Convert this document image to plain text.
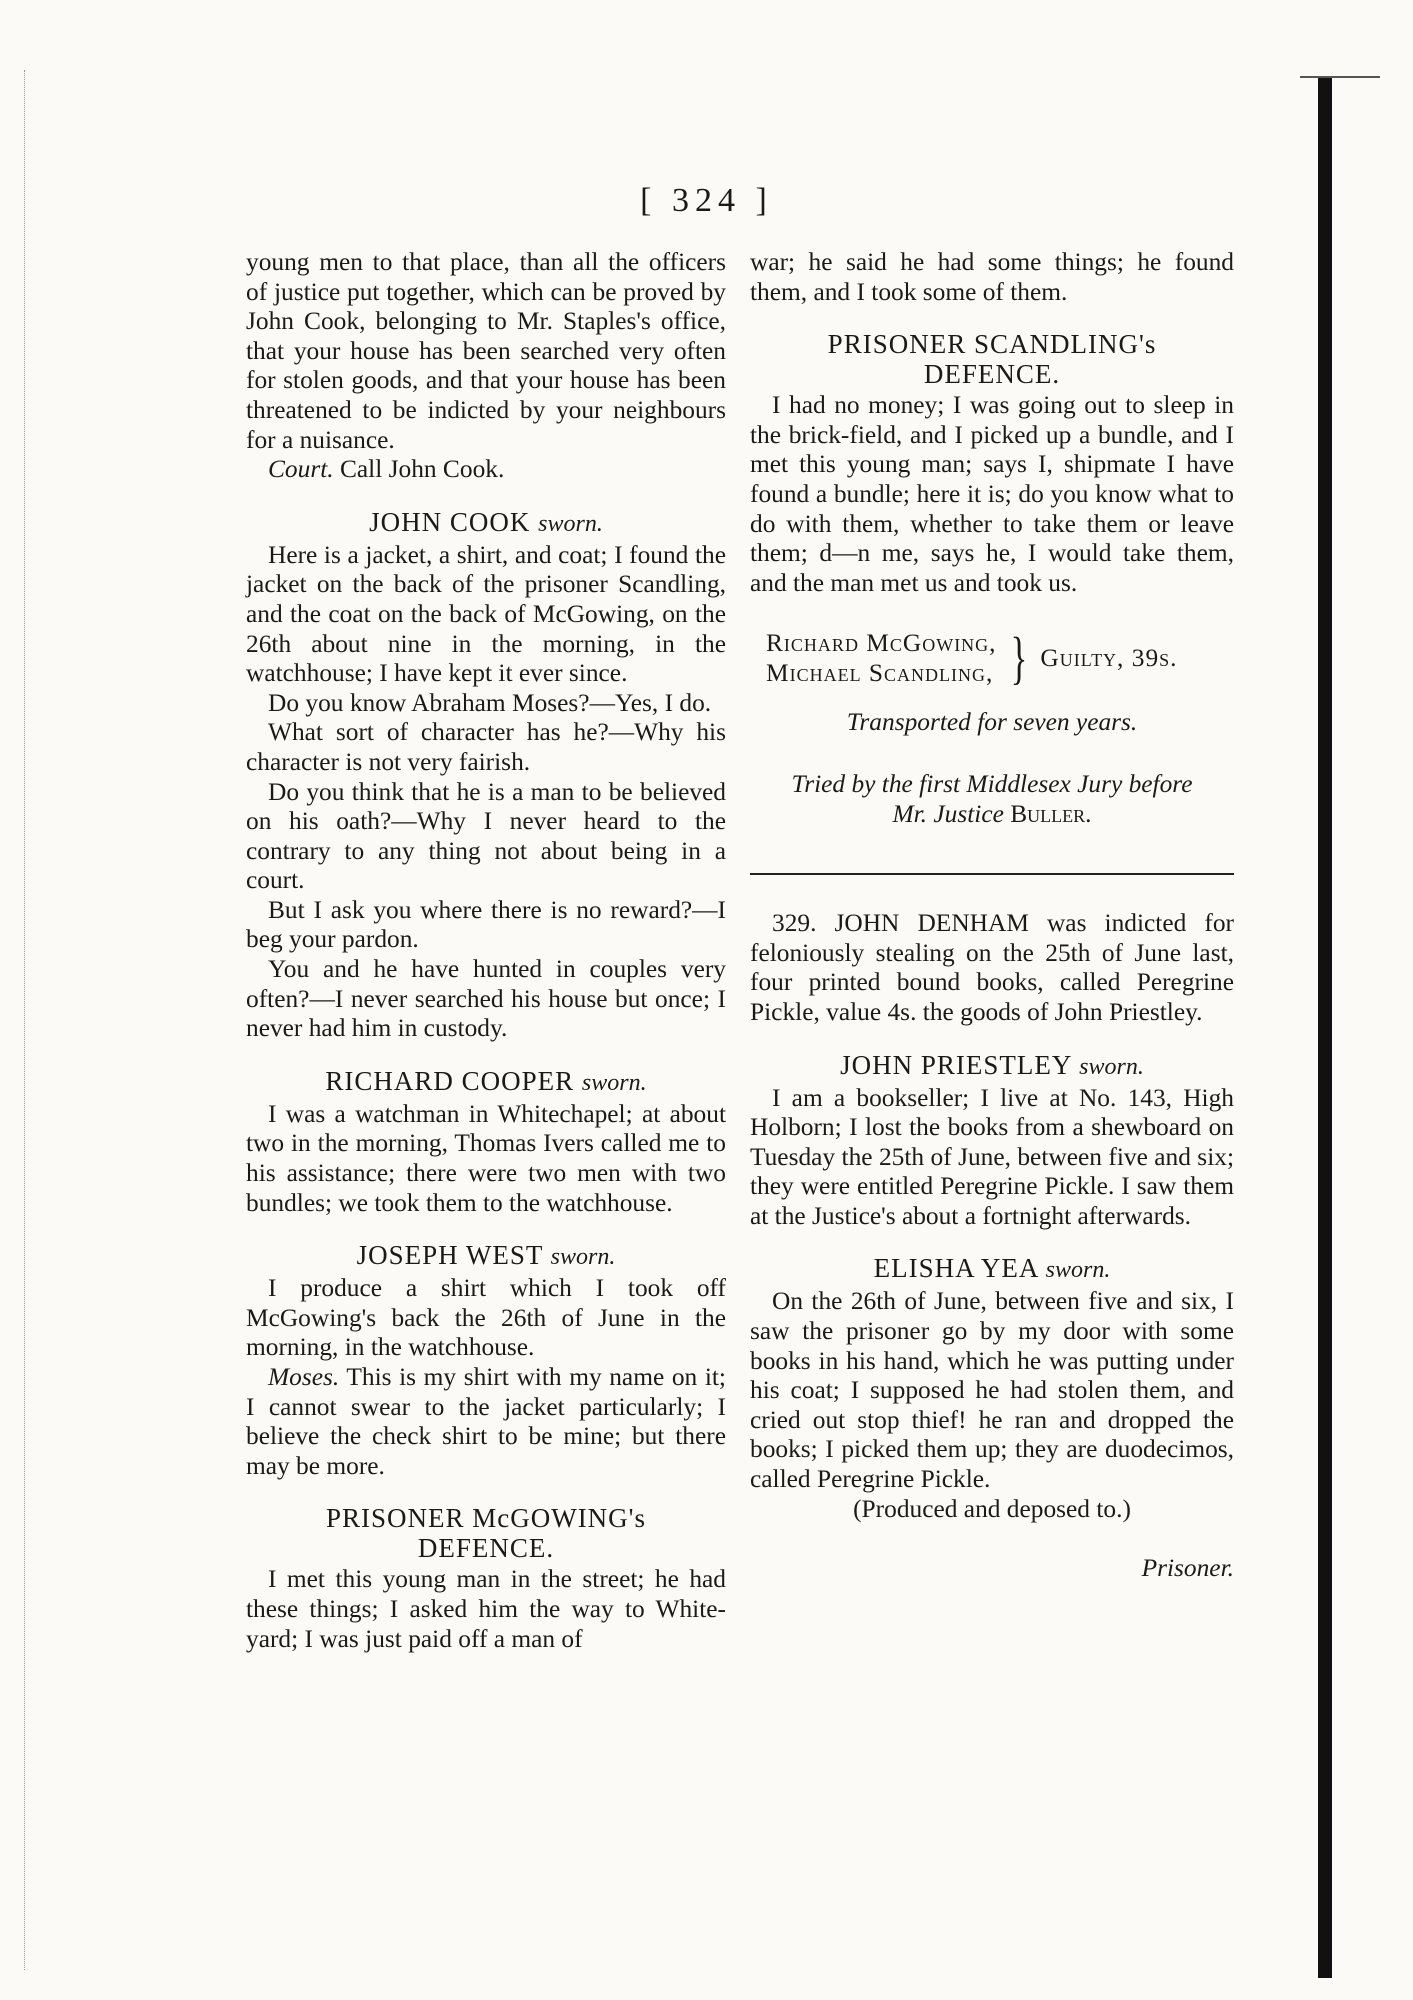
[ 324 ]

young men to that place, than all the officers of justice put together, which can be proved by John Cook, belonging to Mr. Staples's office, that your house has been searched very often for stolen goods, and that your house has been threatened to be indicted by your neighbours for a nuisance.

Court. Call John Cook.

JOHN COOK sworn.

Here is a jacket, a shirt, and coat; I found the jacket on the back of the prisoner Scandling, and the coat on the back of McGowing, on the 26th about nine in the morning, in the watchhouse; I have kept it ever since.

Do you know Abraham Moses?—Yes, I do.

What sort of character has he?—Why his character is not very fairish.

Do you think that he is a man to be believed on his oath?—Why I never heard to the contrary to any thing not about being in a court.

But I ask you where there is no reward?—I beg your pardon.

You and he have hunted in couples very often?—I never searched his house but once; I never had him in custody.

RICHARD COOPER sworn.

I was a watchman in Whitechapel; at about two in the morning, Thomas Ivers called me to his assistance; there were two men with two bundles; we took them to the watchhouse.

JOSEPH WEST sworn.

I produce a shirt which I took off McGowing's back the 26th of June in the morning, in the watchhouse.

Moses. This is my shirt with my name on it; I cannot swear to the jacket particularly; I believe the check shirt to be mine; but there may be more.

PRISONER McGOWING's
DEFENCE.

I met this young man in the street; he had these things; I asked him the way to White-yard; I was just paid off a man of

war; he said he had some things; he found them, and I took some of them.

PRISONER SCANDLING's
DEFENCE.

I had no money; I was going out to sleep in the brick-field, and I picked up a bundle, and I met this young man; says I, shipmate I have found a bundle; here it is; do you know what to do with them, whether to take them or leave them; d—n me, says he, I would take them, and the man met us and took us.

Richard McGowing,
Michael Scandling, } Guilty, 39s.

Transported for seven years.

Tried by the first Middlesex Jury before

Mr. Justice Buller.

329. JOHN DENHAM was indicted for feloniously stealing on the 25th of June last, four printed bound books, called Peregrine Pickle, value 4s. the goods of John Priestley.

JOHN PRIESTLEY sworn.

I am a bookseller; I live at No. 143, High Holborn; I lost the books from a shewboard on Tuesday the 25th of June, between five and six; they were entitled Peregrine Pickle. I saw them at the Justice's about a fortnight afterwards.

ELISHA YEA sworn.

On the 26th of June, between five and six, I saw the prisoner go by my door with some books in his hand, which he was putting under his coat; I supposed he had stolen them, and cried out stop thief! he ran and dropped the books; I picked them up; they are duodecimos, called Peregrine Pickle.

(Produced and deposed to.)

Prisoner.
